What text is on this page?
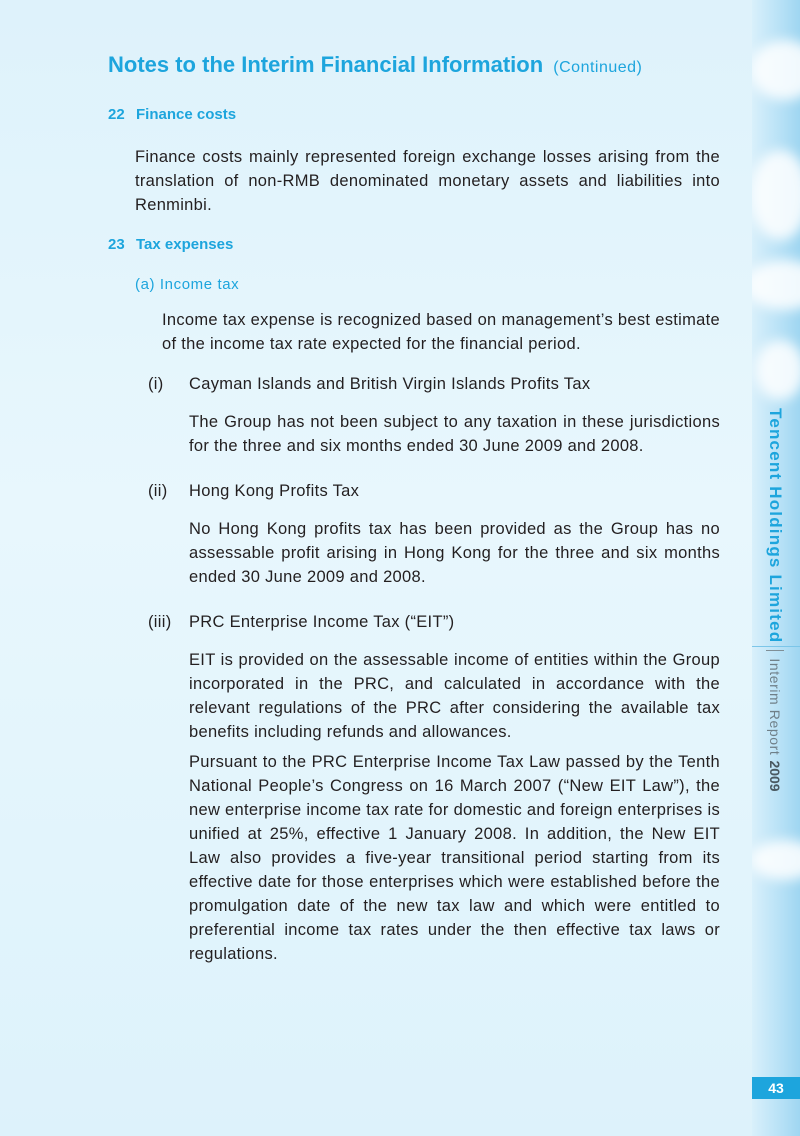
Tencent Holdings Limited
Interim Report
2009
43
Notes to the Interim Financial Information (Continued)
22 Finance costs
Finance costs mainly represented foreign exchange losses arising from the translation of non-RMB denominated monetary assets and liabilities into Renminbi.
23 Tax expenses
(a) Income tax
Income tax expense is recognized based on management’s best estimate of the income tax rate expected for the financial period.
(i) Cayman Islands and British Virgin Islands Profits Tax
The Group has not been subject to any taxation in these jurisdictions for the three and six months ended 30 June 2009 and 2008.
(ii) Hong Kong Profits Tax
No Hong Kong profits tax has been provided as the Group has no assessable profit arising in Hong Kong for the three and six months ended 30 June 2009 and 2008.
(iii) PRC Enterprise Income Tax (“EIT”)
EIT is provided on the assessable income of entities within the Group incorporated in the PRC, and calculated in accordance with the relevant regulations of the PRC after considering the available tax benefits including refunds and allowances.
Pursuant to the PRC Enterprise Income Tax Law passed by the Tenth National People’s Congress on 16 March 2007 (“New EIT Law”), the new enterprise income tax rate for domestic and foreign enterprises is unified at 25%, effective 1 January 2008. In addition, the New EIT Law also provides a five-year transitional period starting from its effective date for those enterprises which were established before the promulgation date of the new tax law and which were entitled to preferential income tax rates under the then effective tax laws or regulations.
